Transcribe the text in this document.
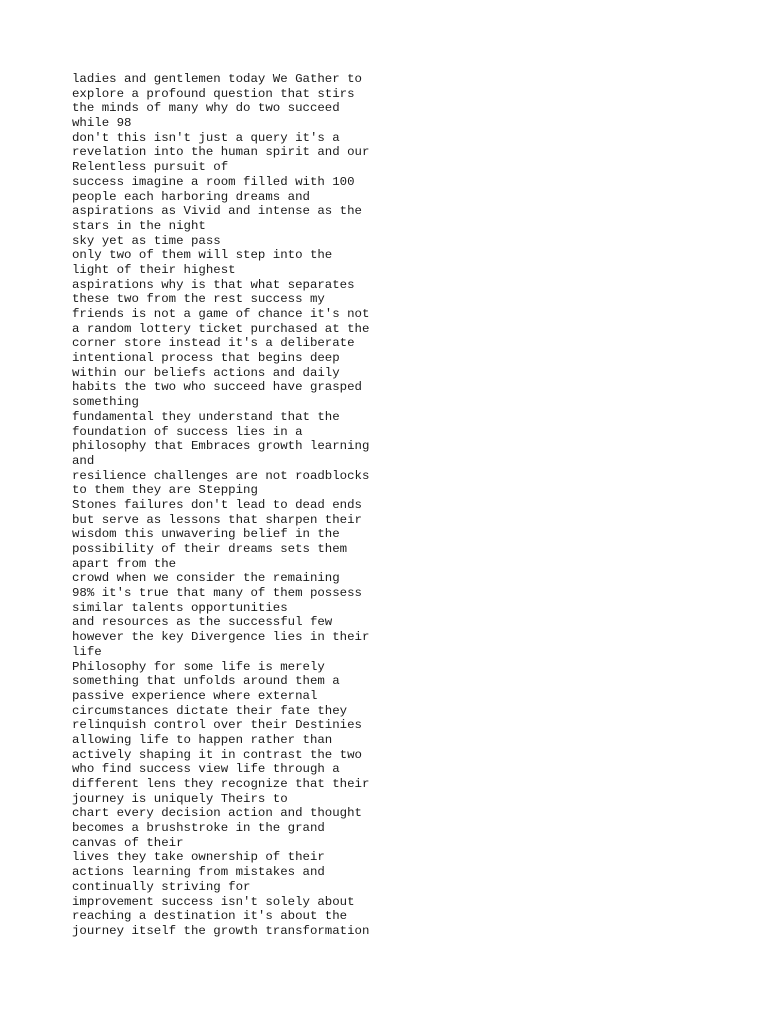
ladies and gentlemen today We Gather to
explore a profound question that stirs
the minds of many why do two succeed
while 98
don't this isn't just a query it's a
revelation into the human spirit and our
Relentless pursuit of
success imagine a room filled with 100
people each harboring dreams and
aspirations as Vivid and intense as the
stars in the night
sky yet as time pass
only two of them will step into the
light of their highest
aspirations why is that what separates
these two from the rest success my
friends is not a game of chance it's not
a random lottery ticket purchased at the
corner store instead it's a deliberate
intentional process that begins deep
within our beliefs actions and daily
habits the two who succeed have grasped
something
fundamental they understand that the
foundation of success lies in a
philosophy that Embraces growth learning
and
resilience challenges are not roadblocks
to them they are Stepping
Stones failures don't lead to dead ends
but serve as lessons that sharpen their
wisdom this unwavering belief in the
possibility of their dreams sets them
apart from the
crowd when we consider the remaining
98% it's true that many of them possess
similar talents opportunities
and resources as the successful few
however the key Divergence lies in their
life
Philosophy for some life is merely
something that unfolds around them a
passive experience where external
circumstances dictate their fate they
relinquish control over their Destinies
allowing life to happen rather than
actively shaping it in contrast the two
who find success view life through a
different lens they recognize that their
journey is uniquely Theirs to
chart every decision action and thought
becomes a brushstroke in the grand
canvas of their
lives they take ownership of their
actions learning from mistakes and
continually striving for
improvement success isn't solely about
reaching a destination it's about the
journey itself the growth transformation
